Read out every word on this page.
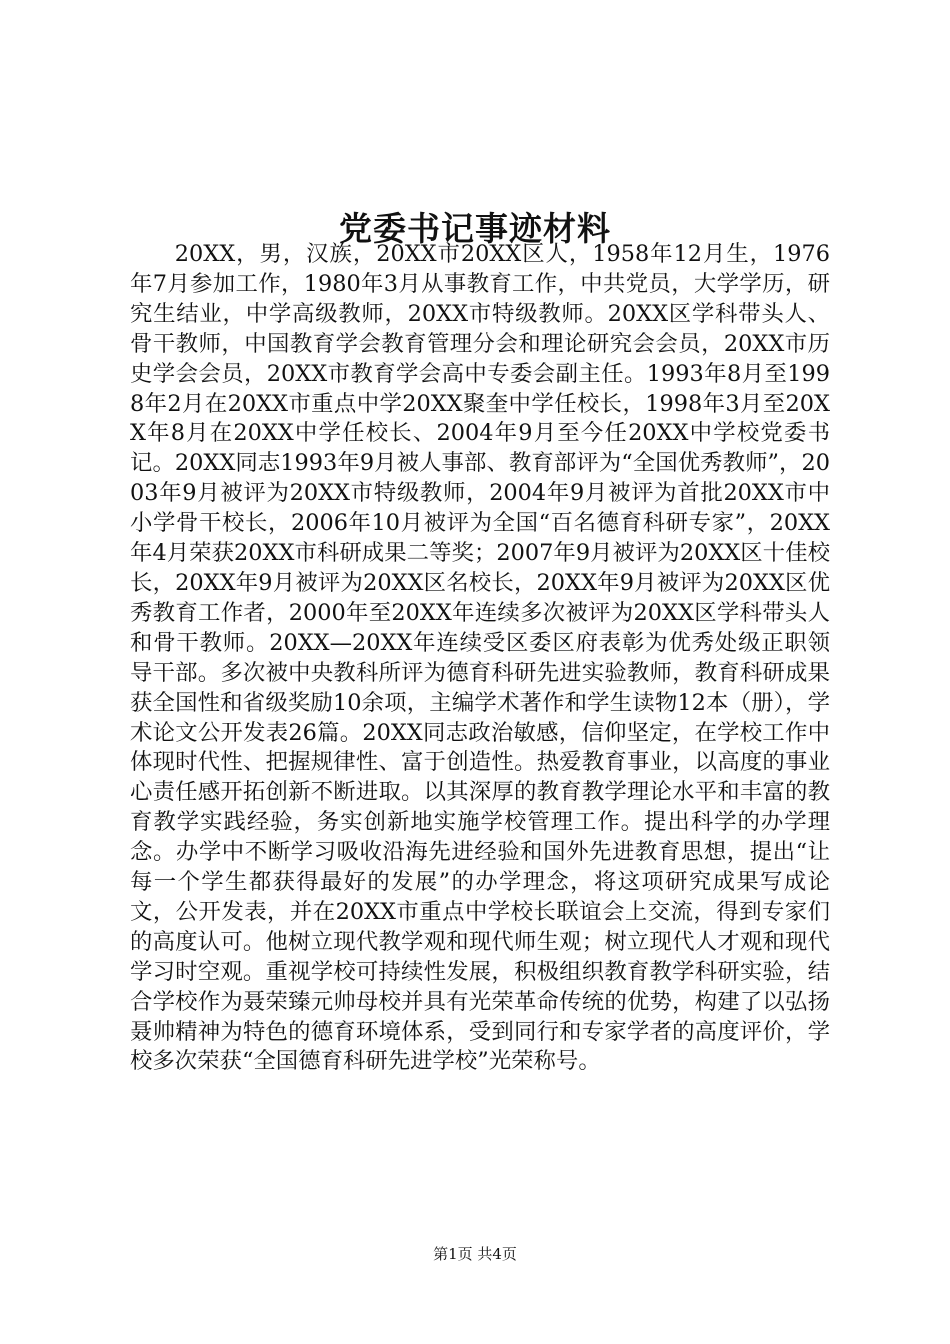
党委书记事迹材料

20XX，男，汉族，20XX市20XX区人，1958年12月生，1976年7月参加工作，1980年3月从事教育工作，中共党员，大学学历，研究生结业，中学高级教师，20XX市特级教师。20XX区学科带头人、骨干教师，中国教育学会教育管理分会和理论研究会会员，20XX市历史学会会员，20XX市教育学会高中专委会副主任。1993年8月至1998年2月在20XX市重点中学20XX聚奎中学任校长，1998年3月至20XX年8月在20XX中学任校长、2004年9月至今任20XX中学校党委书记。20XX同志1993年9月被人事部、教育部评为“全国优秀教师”，2003年9月被评为20XX市特级教师，2004年9月被评为首批20XX市中小学骨干校长，2006年10月被评为全国“百名德育科研专家”，20XX年4月荣获20XX市科研成果二等奖；2007年9月被评为20XX区十佳校长，20XX年9月被评为20XX区名校长，20XX年9月被评为20XX区优秀教育工作者，2000年至20XX年连续多次被评为20XX区学科带头人和骨干教师。20XX—20XX年连续受区委区府表彰为优秀处级正职领导干部。多次被中央教科所评为德育科研先进实验教师，教育科研成果获全国性和省级奖励10余项，主编学术著作和学生读物12本（册），学术论文公开发表26篇。20XX同志政治敏感，信仰坚定，在学校工作中体现时代性、把握规律性、富于创造性。热爱教育事业，以高度的事业心责任感开拓创新不断进取。以其深厚的教育教学理论水平和丰富的教育教学实践经验，务实创新地实施学校管理工作。提出科学的办学理念。办学中不断学习吸收沿海先进经验和国外先进教育思想，提出“让每一个学生都获得最好的发展”的办学理念，将这项研究成果写成论文，公开发表，并在20XX市重点中学校长联谊会上交流，得到专家们的高度认可。他树立现代教学观和现代师生观；树立现代人才观和现代学习时空观。重视学校可持续性发展，积极组织教育教学科研实验，结合学校作为聂荣臻元帅母校并具有光荣革命传统的优势，构建了以弘扬聂帅精神为特色的德育环境体系，受到同行和专家学者的高度评价，学校多次荣获“全国德育科研先进学校”光荣称号。

第1页 共4页
